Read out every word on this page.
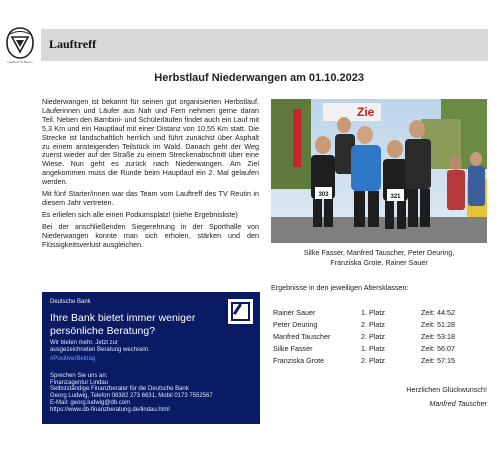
Lauftreff TV Reutin
Lauftreff
Herbstlauf Niederwangen am 01.10.2023

Niederwangen ist bekannt für seinen gut organisierten Herbstlauf. Läuferinnen und Läufer aus Nah und Fern nehmen gerne daran Teil. Neben den Bambini- und Schülerläufen findet auch ein Lauf mit 5,3 Km und ein Hauptlauf mit einer Distanz von 10,55 Km statt. Die Strecke ist landschaftlich herrlich und führt zunächst über Asphalt zu einem ansteigenden Teilstück im Wald. Danach geht der Weg zuerst wieder auf der Straße zu einem Streckenabschnitt über eine Wiese. Nun geht es zurück nach Niederwangen. Am Ziel angekommen muss die Runde beim Hauptlauf ein 2. Mal gelaufen werden.

Mit fünf Starter/innen war das Team vom Lauftreff des TV Reutin in diesem Jahr vertreten.

Es erliefen sich alle einen Podiumsplatz! (siehe Ergebnisliste)

Bei der anschließenden Siegerehrung in der Sporthalle von Niederwangen konnte man sich erholen, stärken und den Flüssigkeitsverlust ausgleichen.

Zie
303	321
Silke Fasser, Manfred Tauscher, Peter Deuring,
Franziska Grote, Rainer Sauer
Ergebnisse in den jeweiligen Altersklassen:
Rainer Sauer	1. Platz	Zeit: 44:52
Peter Deuring	2. Platz	Zeit: 51:28
Manfred Tauscher	2. Platz	Zeit: 53:18
Silke Fasser	1. Platz	Zeit: 56:07
Franziska Grote	2. Platz	Zeit: 57:15
Herzlichen Glückwunsch!
Manfred Tauscher
Deutsche Bank
Ihre Bank bietet immer weniger persönliche Beratung?
Wir bieten mehr. Jetzt zur
ausgezeichneten Beratung wechseln.
#PositiverBeitrag
Sprechen Sie uns an:
Finanzagentur Lindau
Selbstständige Finanzberater für die Deutsche Bank
Georg Ludwig, Telefon 08382 273 6631, Mobil 0173 7552567
E-Mail: georg.ludwig@db.com
https://www.db-finanzberatung.de/lindau.html
